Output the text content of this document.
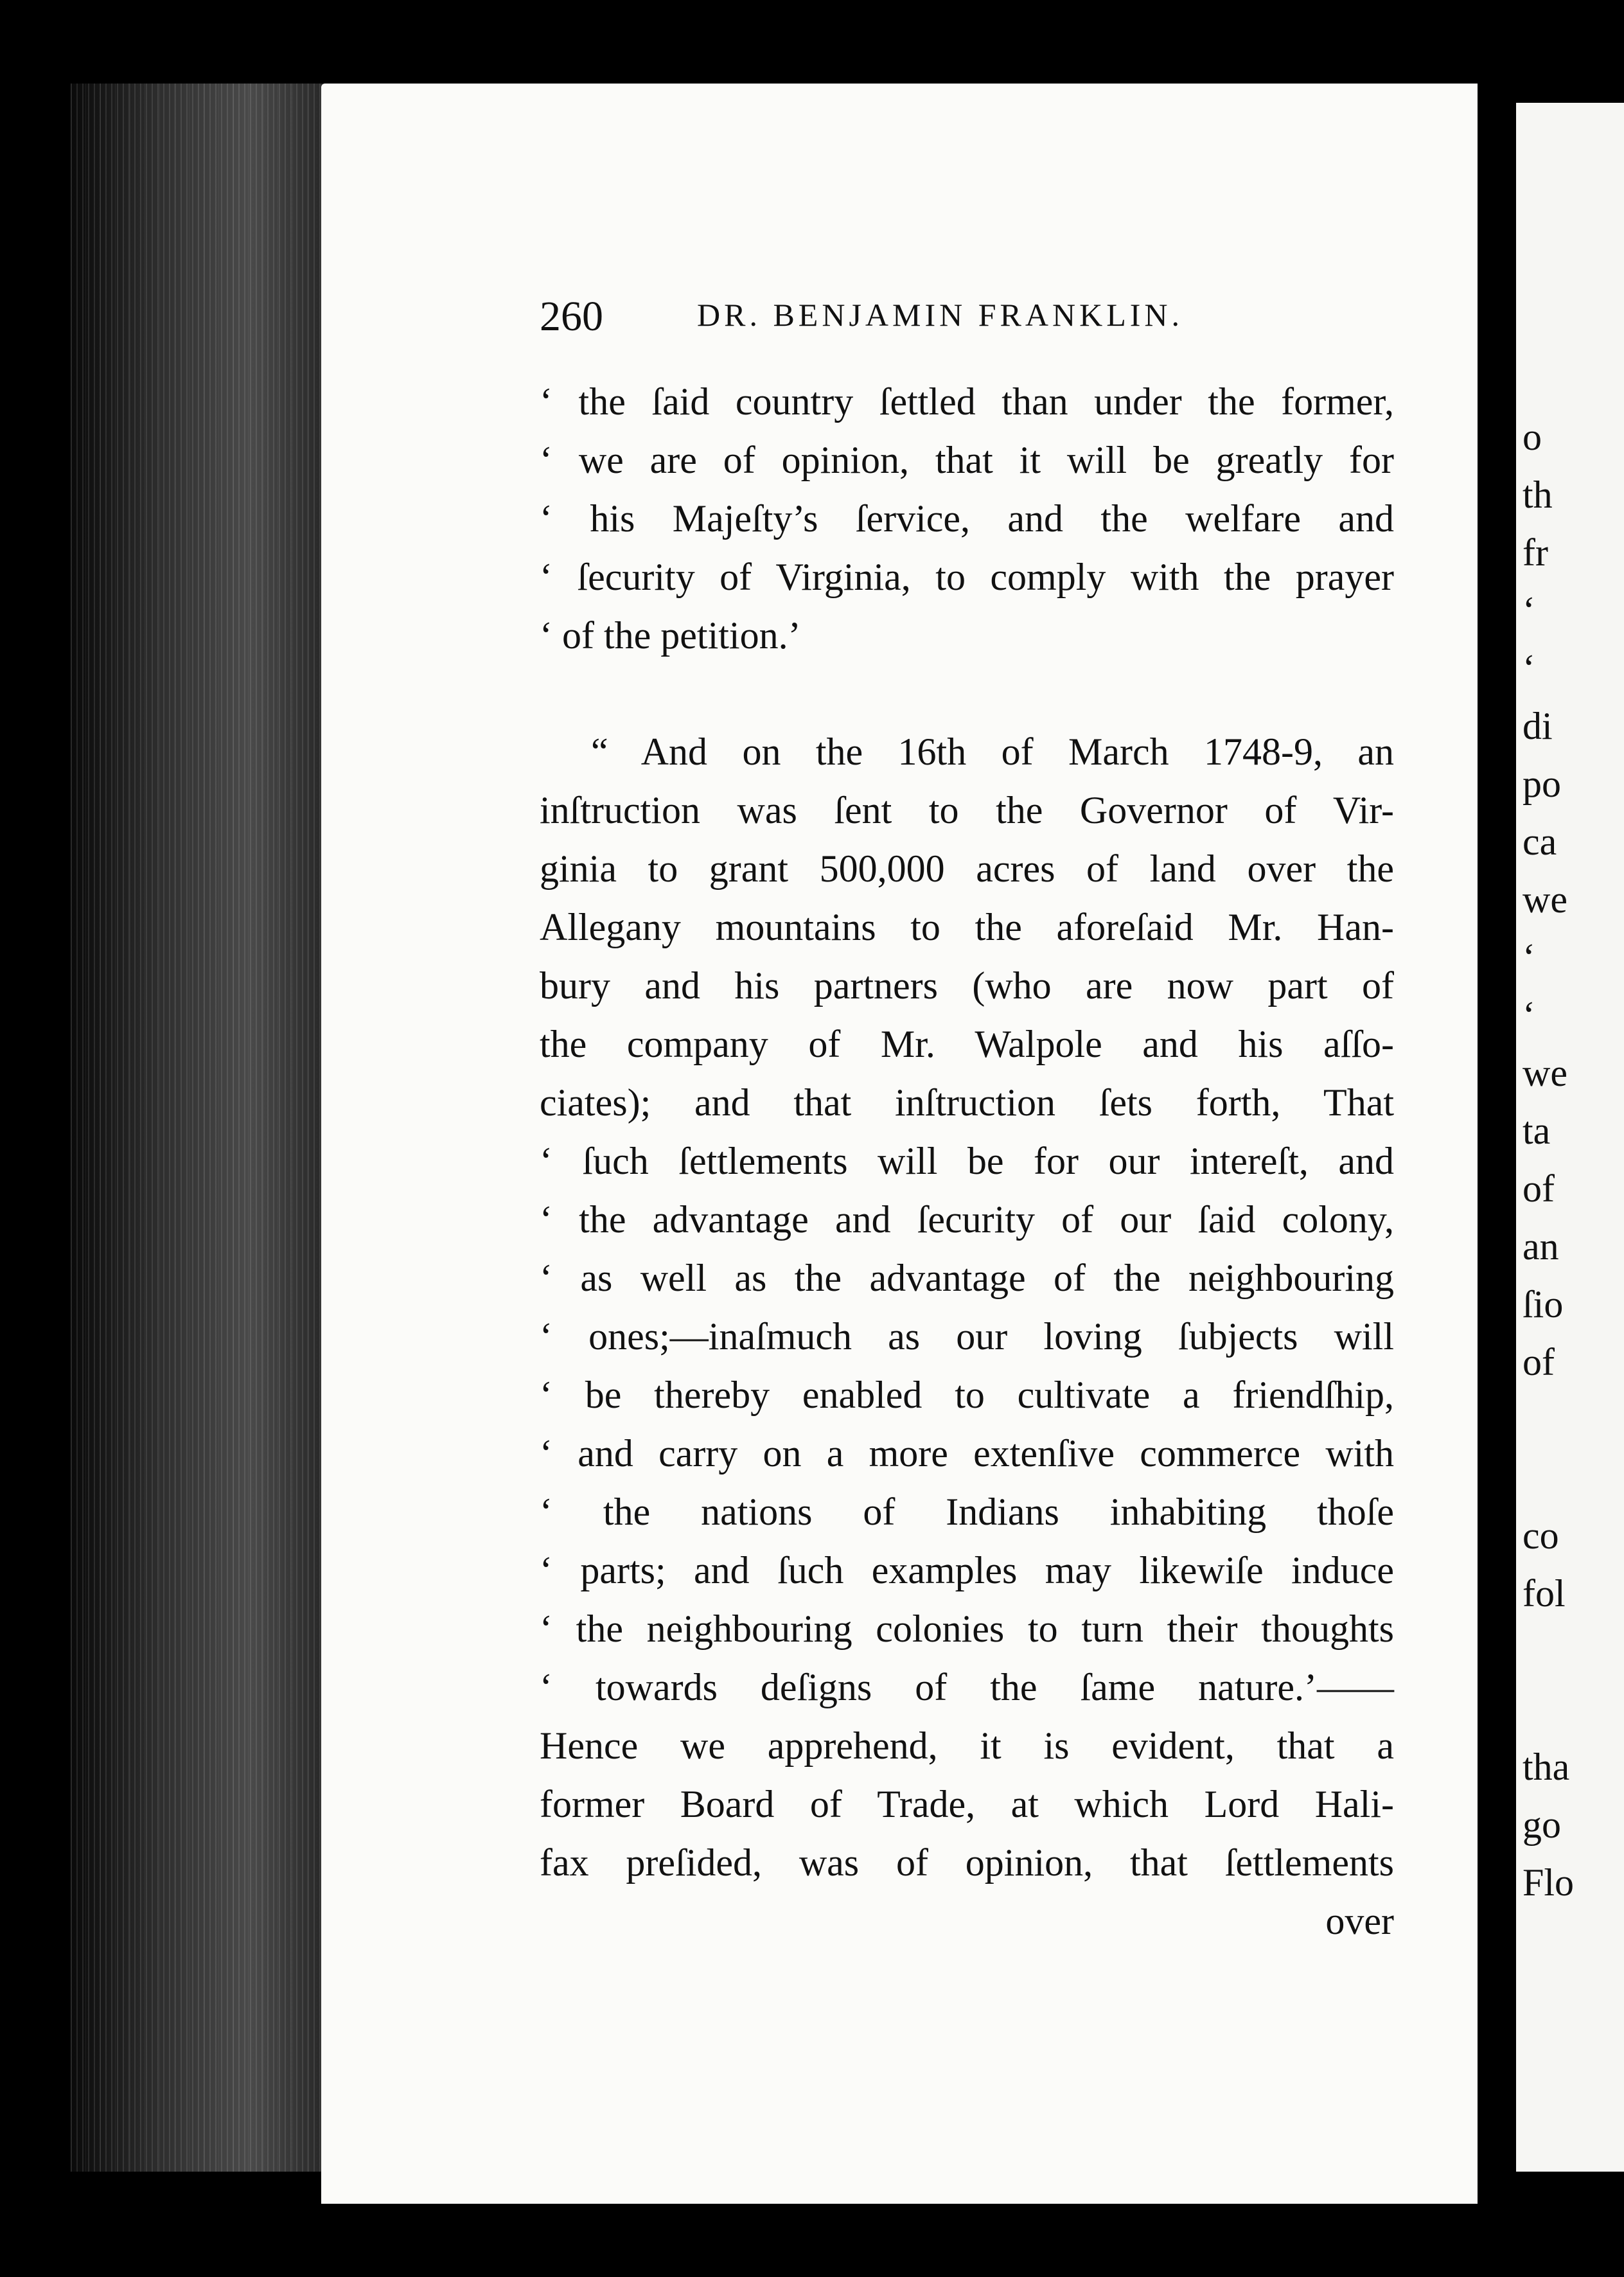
o
th
fr
‘
‘
di
po
ca
we
‘
‘
we
ta
of
an
ſio
of
co
fol
tha
go
Flo
260	DR. BENJAMIN FRANKLIN.
‘ the ſaid country ſettled than under the former,
‘ we are of opinion, that it will be greatly for
‘ his Majeſty’s ſervice, and the welfare and
‘ ſecurity of Virginia, to comply with the prayer
‘ of the petition.’
“ And on the 16th of March 1748-9, an
inſtruction was ſent to the Governor of Vir-
ginia to grant 500,000 acres of land over the
Allegany mountains to the aforeſaid Mr. Han-
bury and his partners (who are now part of
the company of Mr. Walpole and his aſſo-
ciates); and that inſtruction ſets forth, That
‘ ſuch ſettlements will be for our intereſt, and
‘ the advantage and ſecurity of our ſaid colony,
‘ as well as the advantage of the neighbouring
‘ ones;—inaſmuch as our loving ſubjects will
‘ be thereby enabled to cultivate a friendſhip,
‘ and carry on a more extenſive commerce with
‘ the nations of Indians inhabiting thoſe
‘ parts; and ſuch examples may likewiſe induce
‘ the neighbouring colonies to turn their thoughts
‘ towards deſigns of the ſame nature.’——
Hence we apprehend, it is evident, that a
former Board of Trade, at which Lord Hali-
fax preſided, was of opinion, that ſettlements
over
